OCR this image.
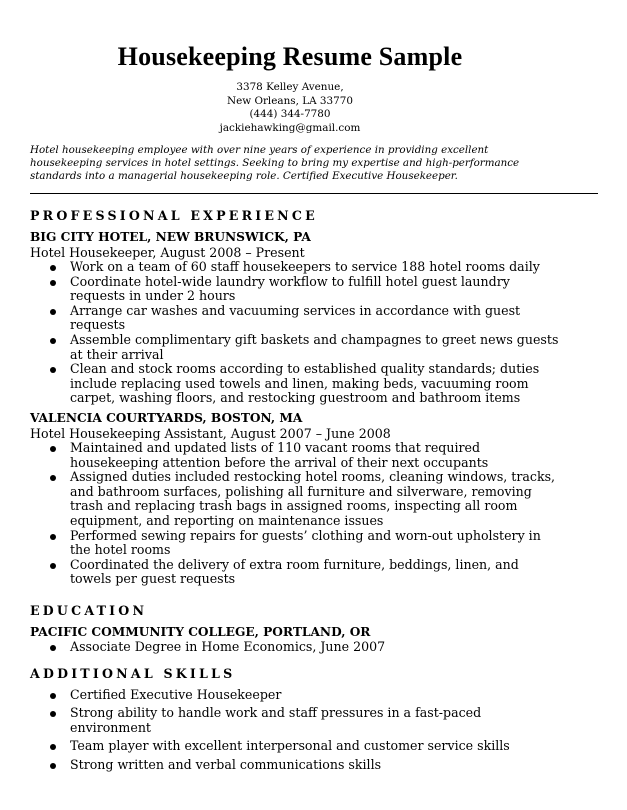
Housekeeping Resume Sample
3378 Kelley Avenue,
New Orleans, LA 33770
(444) 344-7780
jackiehawking@gmail.com
Hotel housekeeping employee with over nine years of experience in providing excellent
housekeeping services in hotel settings. Seeking to bring my expertise and high-performance
standards into a managerial housekeeping role. Certified Executive Housekeeper.
PROFESSIONAL EXPERIENCE
BIG CITY HOTEL, NEW BRUNSWICK, PA
Hotel Housekeeper, August 2008 – Present
Work on a team of 60 staff housekeepers to service 188 hotel rooms daily
Coordinate hotel-wide laundry workflow to fulfill hotel guest laundry requests in under 2 hours
Arrange car washes and vacuuming services in accordance with guest requests
Assemble complimentary gift baskets and champagnes to greet news guests at their arrival
Clean and stock rooms according to established quality standards; duties include replacing used towels and linen, making beds, vacuuming room carpet, washing floors, and restocking guestroom and bathroom items
VALENCIA COURTYARDS, BOSTON, MA
Hotel Housekeeping Assistant, August 2007 – June 2008
Maintained and updated lists of 110 vacant rooms that required housekeeping attention before the arrival of their next occupants
Assigned duties included restocking hotel rooms, cleaning windows, tracks, and bathroom surfaces, polishing all furniture and silverware, removing trash and replacing trash bags in assigned rooms, inspecting all room equipment, and reporting on maintenance issues
Performed sewing repairs for guests’ clothing and worn-out upholstery in the hotel rooms
Coordinated the delivery of extra room furniture, beddings, linen, and towels per guest requests
EDUCATION
PACIFIC COMMUNITY COLLEGE, PORTLAND, OR
Associate Degree in Home Economics, June 2007
ADDITIONAL SKILLS
Certified Executive Housekeeper
Strong ability to handle work and staff pressures in a fast-paced environment
Team player with excellent interpersonal and customer service skills
Strong written and verbal communications skills
